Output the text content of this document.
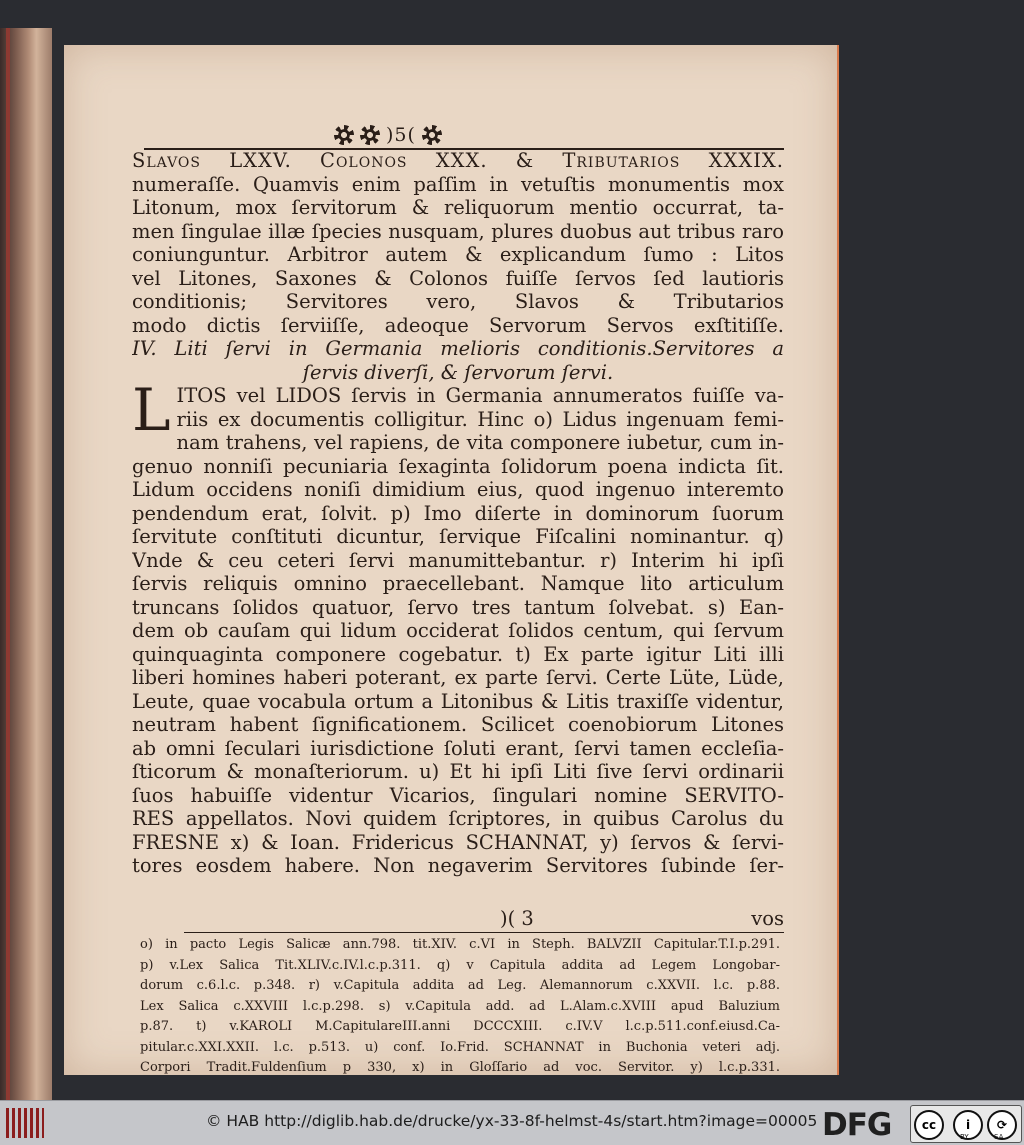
)5(
Slavos LXXV. Colonos XXX. & Tributarios XXXIX.
numeraſſe. Quamvis enim paſſim in vetuſtis monumentis mox
Litonum, mox ſervitorum & reliquorum mentio occurrat, ta-
men ſingulae illæ ſpecies nusquam, plures duobus aut tribus raro
coniunguntur. Arbitror autem & explicandum ſumo : Litos
vel Litones, Saxones & Colonos fuiſſe ſervos ſed lautioris
conditionis; Servitores vero, Slavos & Tributarios
modo dictis ſerviiſſe, adeoque Servorum Servos exſtitiſſe.
IV. Liti ſervi in Germania melioris conditionis.Servitores a
ſervis diverſi, & ſervorum ſervi.
L ITOS vel LIDOS ſervis in Germania annumeratos fuiſſe va-
riis ex documentis colligitur. Hinc o) Lidus ingenuam femi-
nam trahens, vel rapiens, de vita componere iubetur, cum in-
genuo nonniſi pecuniaria ſexaginta ſolidorum poena indicta ſit.
Lidum occidens noniſi dimidium eius, quod ingenuo interemto
pendendum erat, ſolvit. p) Imo diſerte in dominorum ſuorum
ſervitute conſtituti dicuntur, ſervique Fiſcalini nominantur. q)
Vnde & ceu ceteri ſervi manumittebantur. r) Interim hi ipſi
ſervis reliquis omnino praecellebant. Namque lito articulum
truncans ſolidos quatuor, ſervo tres tantum ſolvebat. s) Ean-
dem ob cauſam qui lidum occiderat ſolidos centum, qui ſervum
quinquaginta componere cogebatur. t) Ex parte igitur Liti illi
liberi homines haberi poterant, ex parte ſervi. Certe Lüte, Lüde,
Leute, quae vocabula ortum a Litonibus & Litis traxiſſe videntur,
neutram habent ſignificationem. Scilicet coenobiorum Litones
ab omni ſeculari iurisdictione ſoluti erant, ſervi tamen eccleſia-
ſticorum & monaſteriorum. u) Et hi ipſi Liti ſive ſervi ordinarii
ſuos habuiſſe videntur Vicarios, ſingulari nomine SERVITO-
RES appellatos. Novi quidem ſcriptores, in quibus Carolus du
FRESNE x) & Ioan. Fridericus SCHANNAT, y) ſervos & ſervi-
tores eosdem habere. Non negaverim Servitores ſubinde ſer-
)( 3	vos
o) in pacto Legis Salicæ ann.798. tit.XIV. c.VI in Steph. BALVZII Capitular.T.I.p.291.
p) v.Lex Salica Tit.XLIV.c.IV.l.c.p.311. q) v Capitula addita ad Legem Longobar-
dorum c.6.l.c. p.348. r) v.Capitula addita ad Leg. Alemannorum c.XXVII. l.c. p.88.
Lex Salica c.XXVIII l.c.p.298. s) v.Capitula add. ad L.Alam.c.XVIII apud Baluzium
p.87. t) v.KAROLI M.CapitulareIII.anni DCCCXIII. c.IV.V l.c.p.511.conf.eiusd.Ca-
pitular.c.XXI.XXII. l.c. p.513. u) conf. Io.Frid. SCHANNAT in Buchonia veteri adj.
Corpori Tradit.Fuldenſium p 330, x) in Gloſſario ad voc. Servitor. y) l.c.p.331.
© HAB http://diglib.hab.de/drucke/yx-33-8f-helmst-4s/start.htm?image=00005 DFG	cc	i	⟳
BY	SA
